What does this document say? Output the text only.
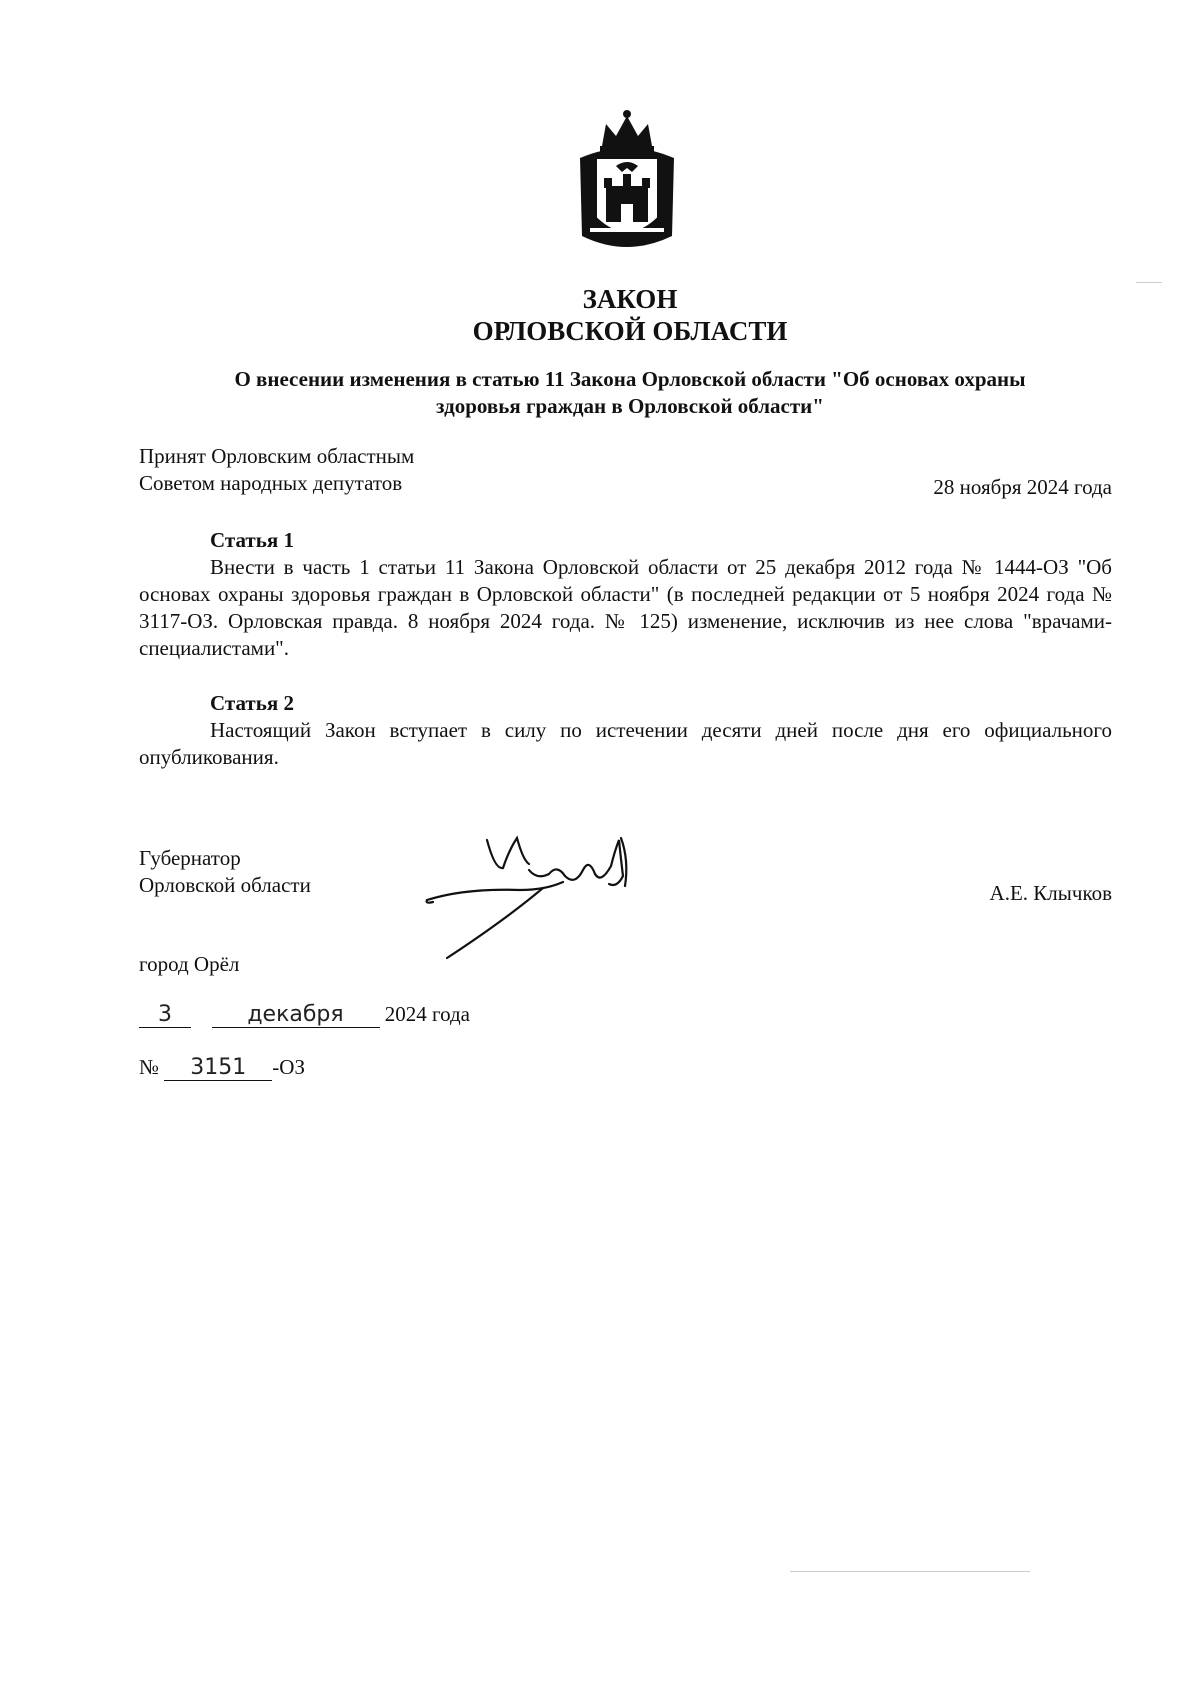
ЗАКОН
ОРЛОВСКОЙ ОБЛАСТИ
О внесении изменения в статью 11 Закона Орловской области "Об основах охраны
здоровья граждан в Орловской области"
Принят Орловским областным
Советом народных депутатов	28 ноября 2024 года
Статья 1
Внести в часть 1 статьи 11 Закона Орловской области от 25 декабря 2012 года № 1444-ОЗ "Об основах охраны здоровья граждан в Орловской области" (в последней редакции от 5 ноября 2024 года № 3117-ОЗ. Орловская правда. 8 ноября 2024 года. № 125) изменение, исключив из нее слова "врачами-специалистами".
Статья 2
Настоящий Закон вступает в силу по истечении десяти дней после дня его официального опубликования.
Губернатор
Орловской области	А.Е. Клычков
город Орёл
3	декабря 2024 года
№ 3151 -ОЗ
